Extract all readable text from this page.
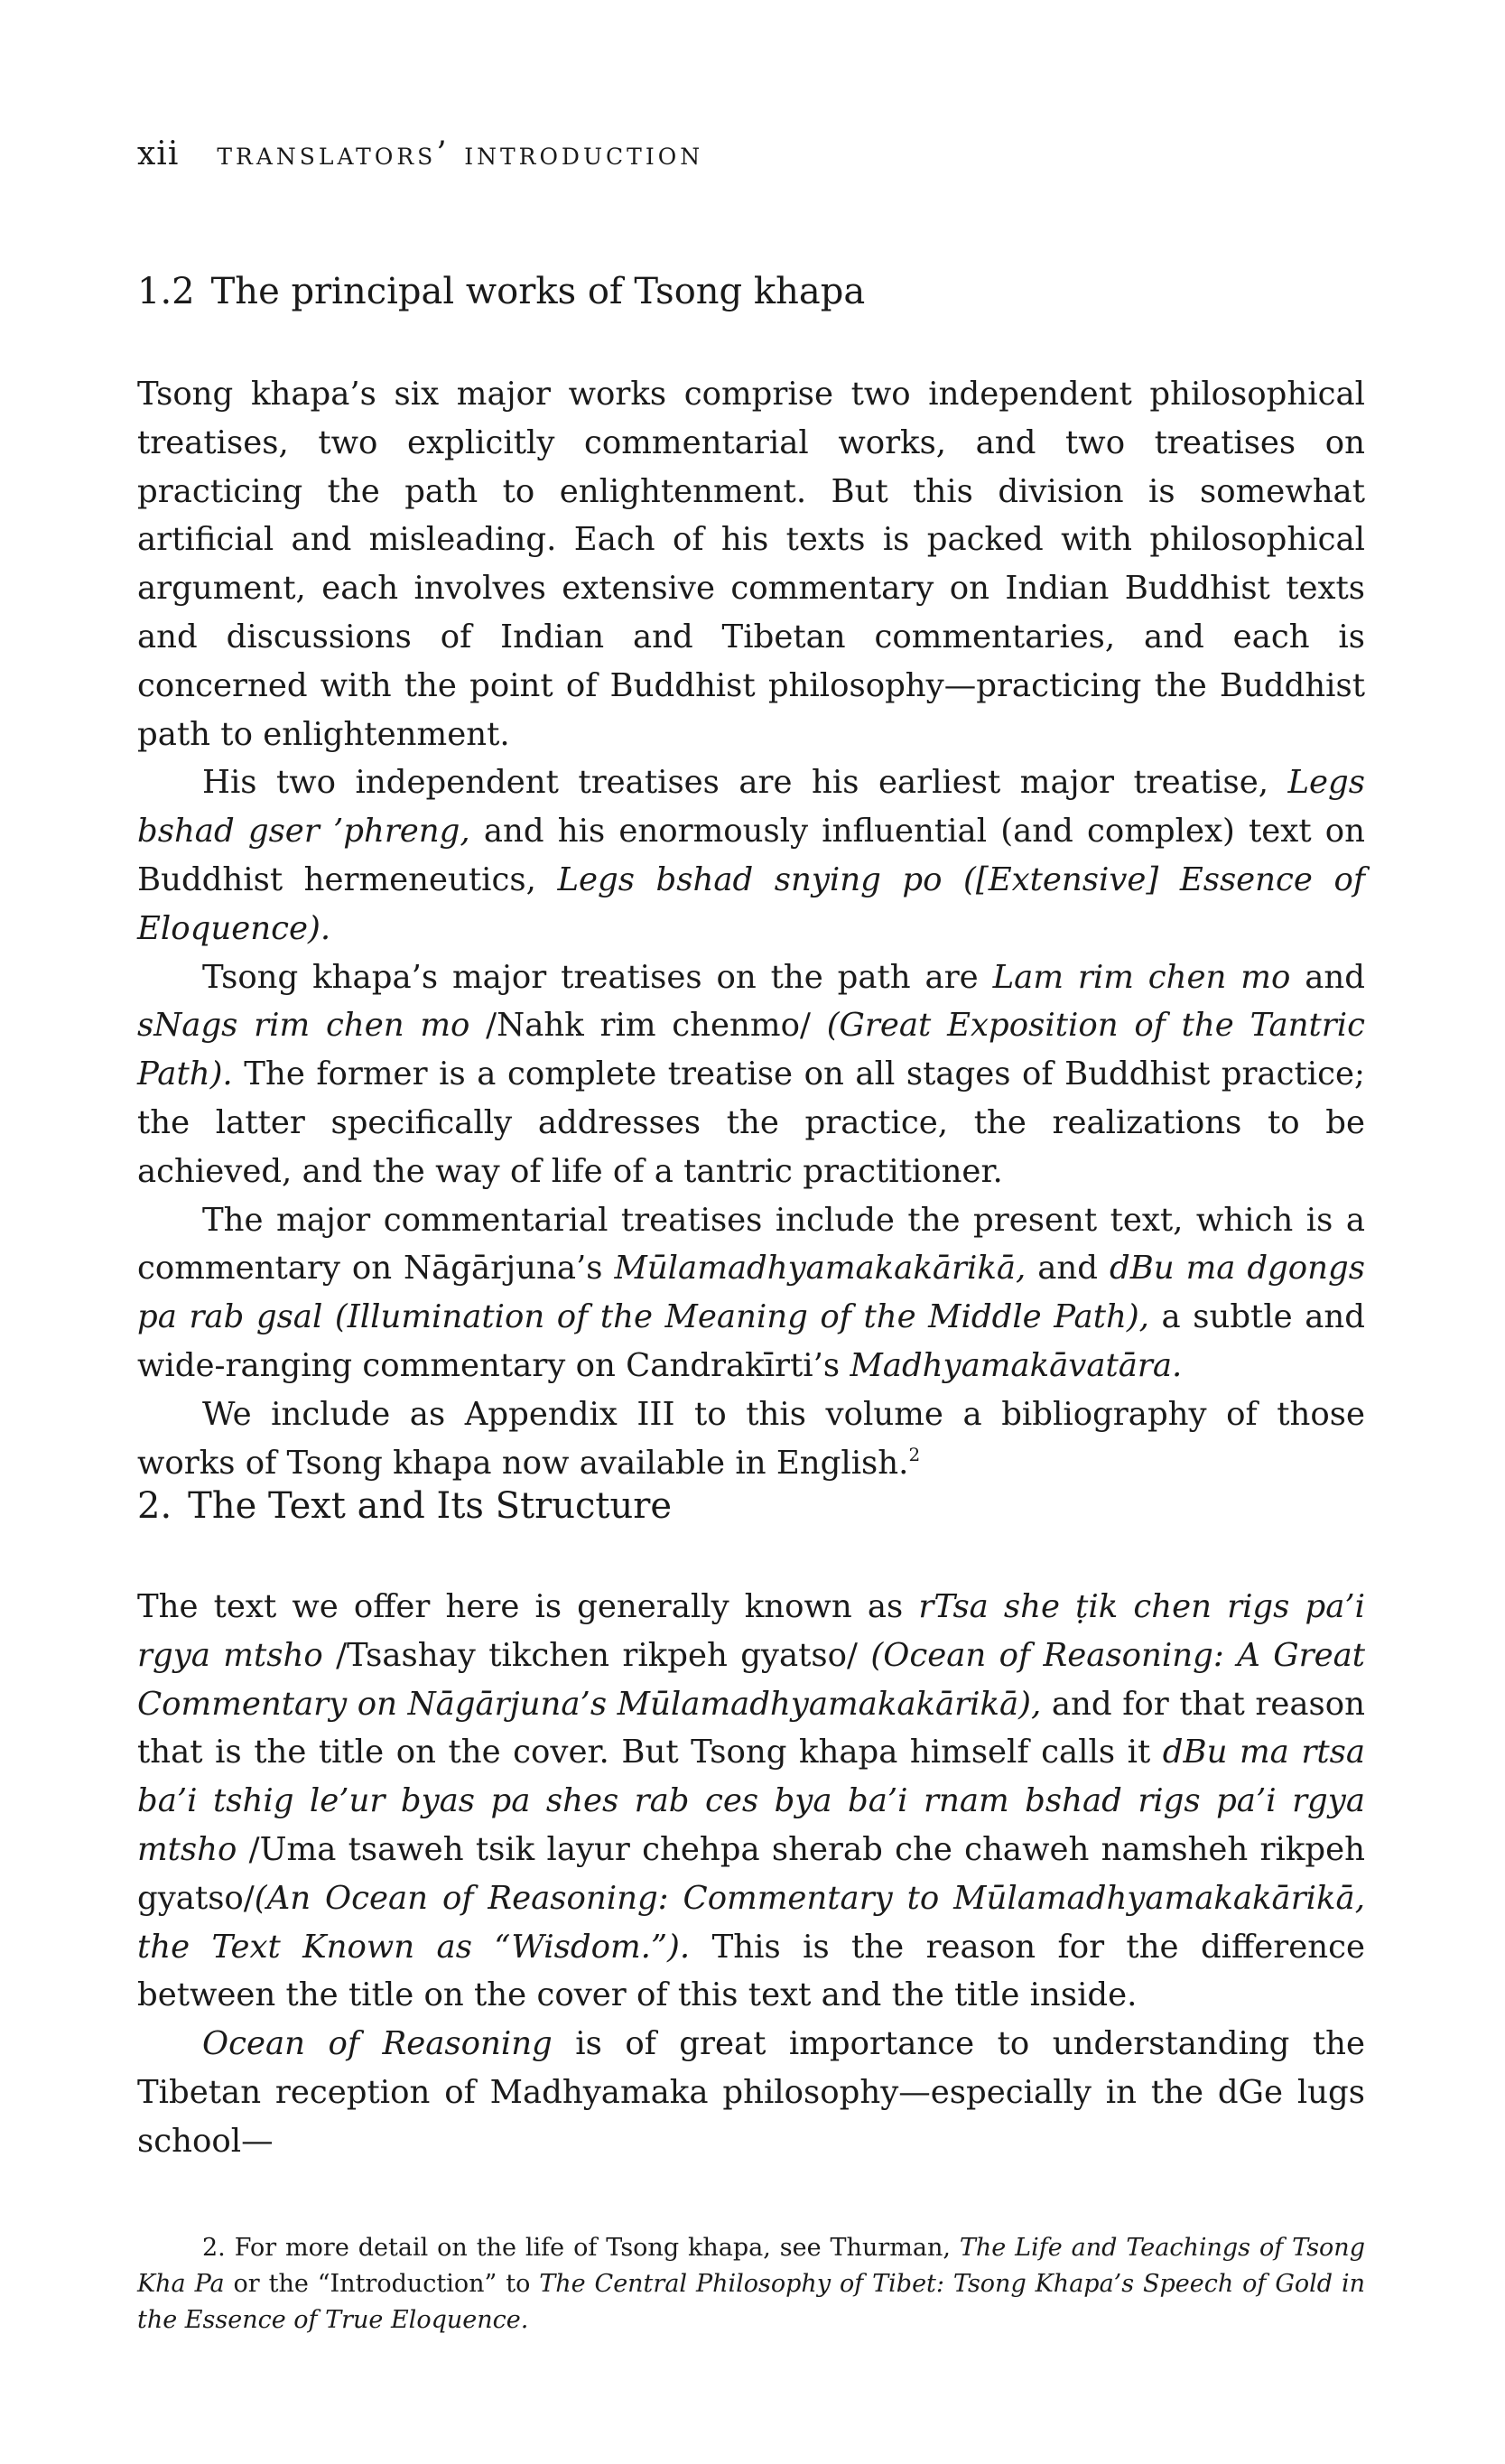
xii translators’ introduction
1.2 The principal works of Tsong khapa

Tsong khapa’s six major works comprise two independent philosophical treatises, two explicitly commentarial works, and two treatises on practicing the path to enlightenment. But this division is somewhat artificial and misleading. Each of his texts is packed with philosophical argument, each involves extensive commentary on Indian Buddhist texts and discussions of Indian and Tibetan commentaries, and each is concerned with the point of Buddhist philosophy—practicing the Buddhist path to enlightenment.

His two independent treatises are his earliest major treatise, Legs bshad gser ’phreng, and his enormously influential (and complex) text on Buddhist hermeneutics, Legs bshad snying po ([Extensive] Essence of Eloquence).

Tsong khapa’s major treatises on the path are Lam rim chen mo and sNags rim chen mo /Nahk rim chenmo/ (Great Exposition of the Tantric Path). The former is a complete treatise on all stages of Buddhist practice; the latter specifically addresses the practice, the realizations to be achieved, and the way of life of a tantric practitioner.

The major commentarial treatises include the present text, which is a commentary on Nāgārjuna’s Mūlamadhyamakakārikā, and dBu ma dgongs pa rab gsal (Illumination of the Meaning of the Middle Path), a subtle and wide-ranging commentary on Candrakīrti’s Madhyamakāvatāra.

We include as Appendix III to this volume a bibliography of those works of Tsong khapa now available in English.$^2$

2. The Text and Its Structure

The text we offer here is generally known as rTsa she ṭik chen rigs pa’i rgya mtsho /Tsashay tikchen rikpeh gyatso/ (Ocean of Reasoning: A Great Commentary on Nāgārjuna’s Mūlamadhyamakakārikā), and for that reason that is the title on the cover. But Tsong khapa himself calls it dBu ma rtsa ba’i tshig le’ur byas pa shes rab ces bya ba’i rnam bshad rigs pa’i rgya mtsho /Uma tsaweh tsik layur chehpa sherab che chaweh namsheh rikpeh gyatso/(An Ocean of Reasoning: Commentary to Mūlamadhyamakakārikā, the Text Known as “Wisdom.”). This is the reason for the difference between the title on the cover of this text and the title inside.

Ocean of Reasoning is of great importance to understanding the Tibetan reception of Madhyamaka philosophy—especially in the dGe lugs school—

2. For more detail on the life of Tsong khapa, see Thurman, The Life and Teachings of Tsong Kha Pa or the “Introduction” to The Central Philosophy of Tibet: Tsong Khapa’s Speech of Gold in the Essence of True Eloquence.
